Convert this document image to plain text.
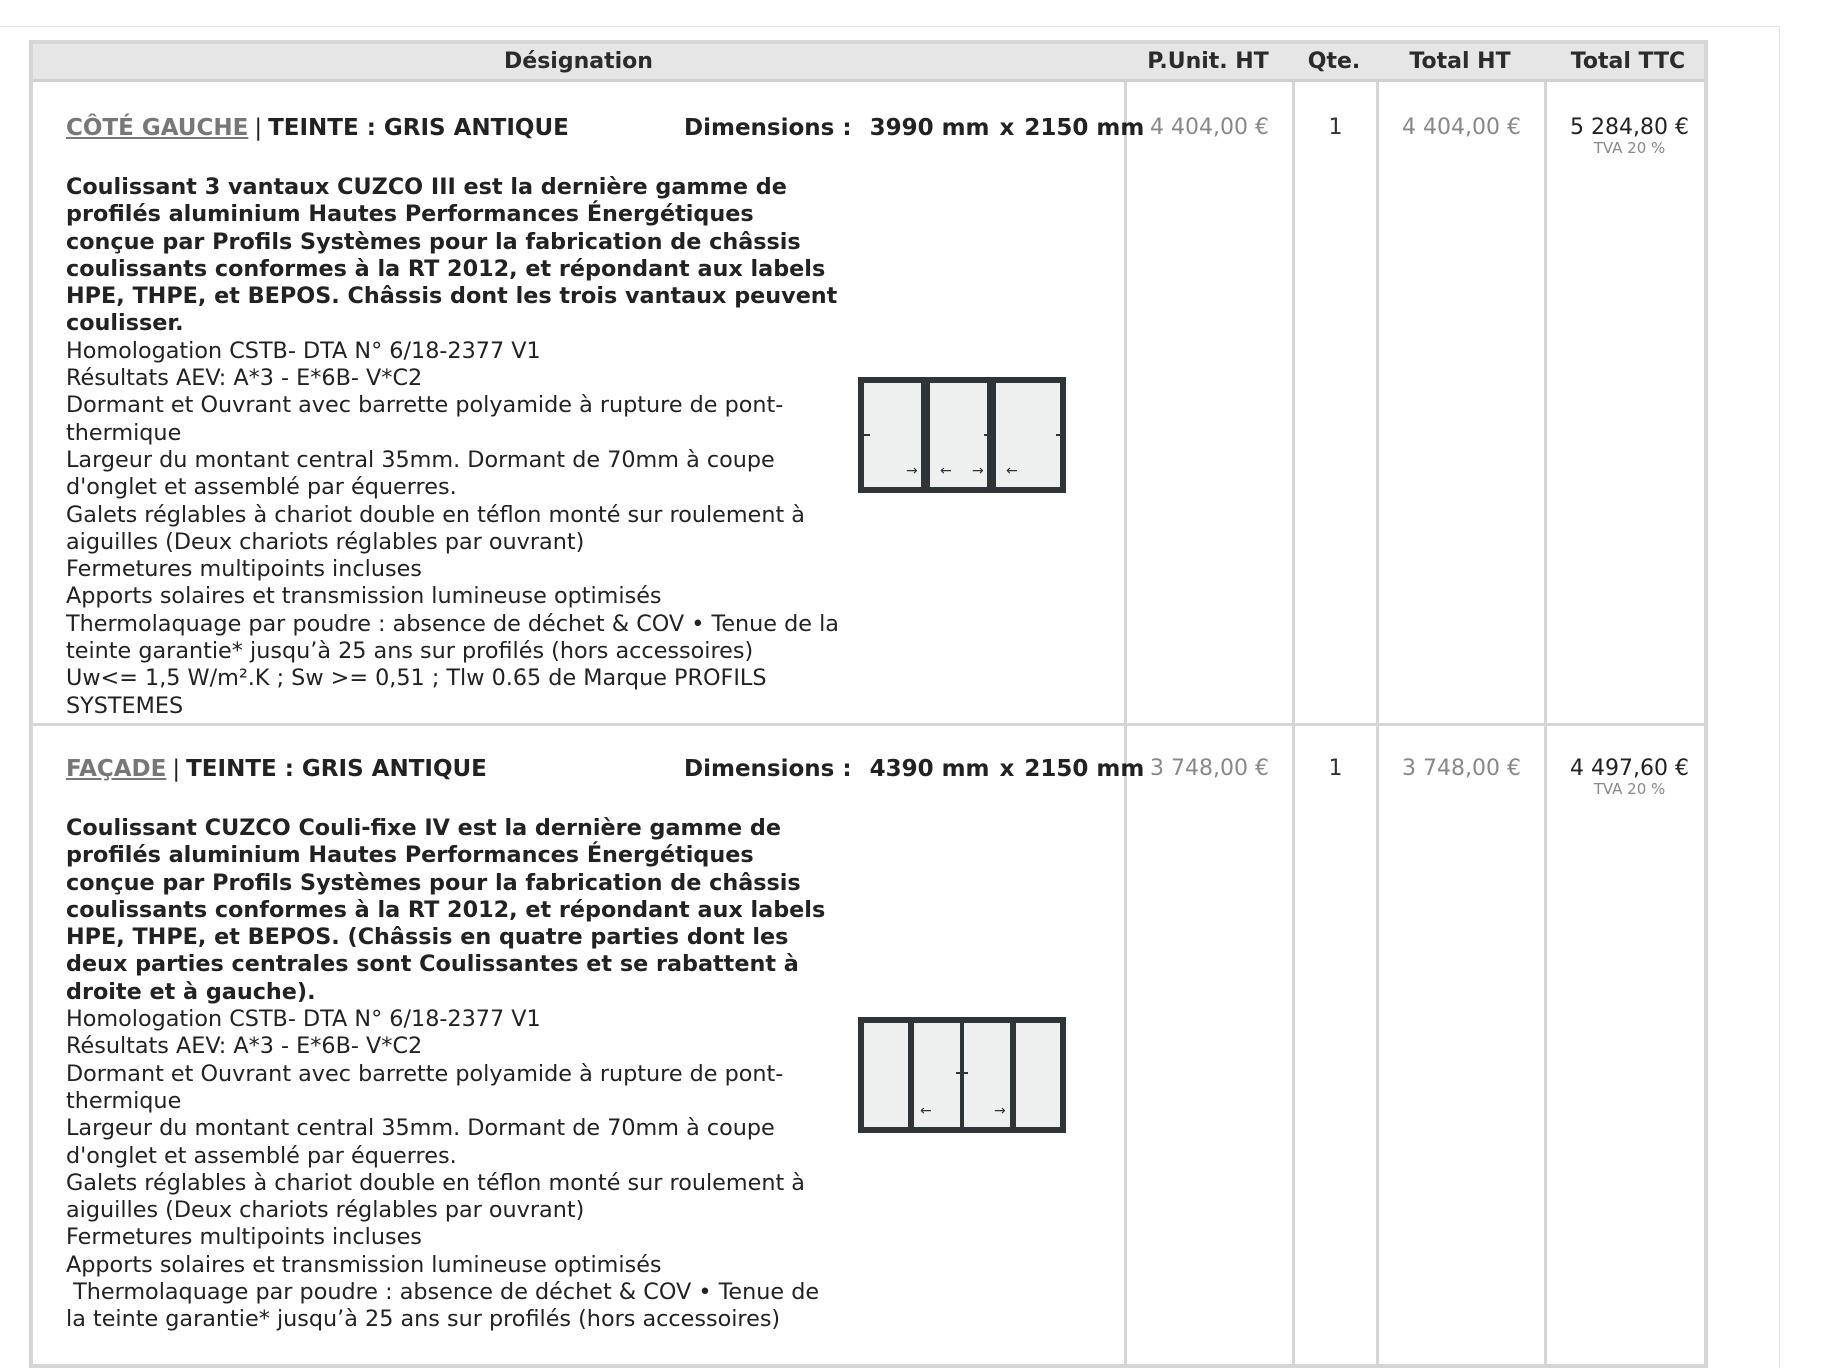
Désignation	P.Unit. HT	Qte.	Total HT	Total TTC
CÔTÉ GAUCHE | TEINTE : GRIS ANTIQUE	Dimensions : 3990 mm x 2150 mm

Coulissant 3 vantaux CUZCO III est la dernière gamme de profilés aluminium Hautes Performances Énergétiques conçue par Profils Systèmes pour la fabrication de châssis coulissants conformes à la RT 2012, et répondant aux labels HPE, THPE, et BEPOS. Châssis dont les trois vantaux peuvent coulisser.

Homologation CSTB- DTA N° 6/18-2377 V1

Résultats AEV: A*3 - E*6B- V*C2

Dormant et Ouvrant avec barrette polyamide à rupture de pont-thermique

Largeur du montant central 35mm. Dormant de 70mm à coupe d'onglet et assemblé par équerres.

Galets réglables à chariot double en téflon monté sur roulement à aiguilles (Deux chariots réglables par ouvrant)

Fermetures multipoints incluses

Apports solaires et transmission lumineuse optimisés

Thermolaquage par poudre : absence de déchet & COV • Tenue de la teinte garantie* jusqu’à 25 ans sur profilés (hors accessoires)

Uw<= 1,5 W/m².K ; Sw >= 0,51 ; Tlw 0.65 de Marque PROFILS SYSTEMES

→ ← → ←
4 404,00 €	1	4 404,00 €	5 284,80 €
TVA 20 %
FAÇADE | TEINTE : GRIS ANTIQUE	Dimensions : 4390 mm x 2150 mm

Coulissant CUZCO Couli-fixe IV est la dernière gamme de profilés aluminium Hautes Performances Énergétiques conçue par Profils Systèmes pour la fabrication de châssis coulissants conformes à la RT 2012, et répondant aux labels HPE, THPE, et BEPOS. (Châssis en quatre parties dont les deux parties centrales sont Coulissantes et se rabattent à droite et à gauche).

Homologation CSTB- DTA N° 6/18-2377 V1

Résultats AEV: A*3 - E*6B- V*C2

Dormant et Ouvrant avec barrette polyamide à rupture de pont-thermique

Largeur du montant central 35mm. Dormant de 70mm à coupe d'onglet et assemblé par équerres.

Galets réglables à chariot double en téflon monté sur roulement à aiguilles (Deux chariots réglables par ouvrant)

Fermetures multipoints incluses

Apports solaires et transmission lumineuse optimisés

Thermolaquage par poudre : absence de déchet & COV • Tenue de la teinte garantie* jusqu’à 25 ans sur profilés (hors accessoires)

←	→
3 748,00 €	1	3 748,00 €	4 497,60 €
TVA 20 %
